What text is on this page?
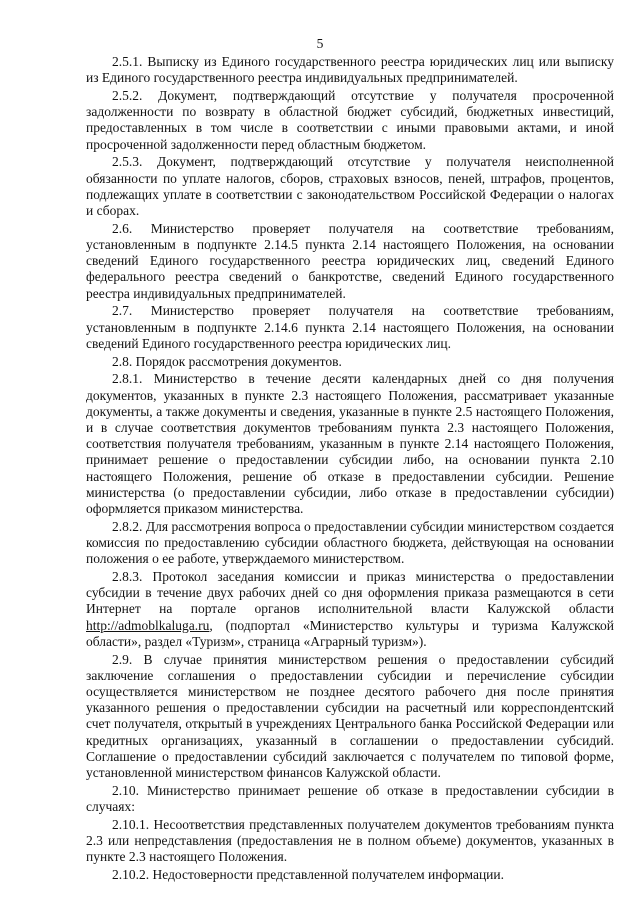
5

2.5.1. Выписку из Единого государственного реестра юридических лиц или выписку из Единого государственного реестра индивидуальных предпринимателей.

2.5.2. Документ, подтверждающий отсутствие у получателя просроченной задолженности по возврату в областной бюджет субсидий, бюджетных инвестиций, предоставленных в том числе в соответствии с иными правовыми актами, и иной просроченной задолженности перед областным бюджетом.

2.5.3. Документ, подтверждающий отсутствие у получателя неисполненной обязанности по уплате налогов, сборов, страховых взносов, пеней, штрафов, процентов, подлежащих уплате в соответствии с законодательством Российской Федерации о налогах и сборах.

2.6. Министерство проверяет получателя на соответствие требованиям, установленным в подпункте 2.14.5 пункта 2.14 настоящего Положения, на основании сведений Единого государственного реестра юридических лиц, сведений Единого федерального реестра сведений о банкротстве, сведений Единого государственного реестра индивидуальных предпринимателей.

2.7. Министерство проверяет получателя на соответствие требованиям, установленным в подпункте 2.14.6 пункта 2.14 настоящего Положения, на основании сведений Единого государственного реестра юридических лиц.

2.8. Порядок рассмотрения документов.

2.8.1. Министерство в течение десяти календарных дней со дня получения документов, указанных в пункте 2.3 настоящего Положения, рассматривает указанные документы, а также документы и сведения, указанные в пункте 2.5 настоящего Положения, и в случае соответствия документов требованиям пункта 2.3 настоящего Положения, соответствия получателя требованиям, указанным в пункте 2.14 настоящего Положения, принимает решение о предоставлении субсидии либо, на основании пункта 2.10 настоящего Положения, решение об отказе в предоставлении субсидии. Решение министерства (о предоставлении субсидии, либо отказе в предоставлении субсидии) оформляется приказом министерства.

2.8.2. Для рассмотрения вопроса о предоставлении субсидии министерством создается комиссия по предоставлению субсидии областного бюджета, действующая на основании положения о ее работе, утверждаемого министерством.

2.8.3. Протокол заседания комиссии и приказ министерства о предоставлении субсидии в течение двух рабочих дней со дня оформления приказа размещаются в сети Интернет на портале органов исполнительной власти Калужской области http://admoblkaluga.ru, (подпортал «Министерство культуры и туризма Калужской области», раздел «Туризм», страница «Аграрный туризм»).

2.9. В случае принятия министерством решения о предоставлении субсидий заключение соглашения о предоставлении субсидии и перечисление субсидии осуществляется министерством не позднее десятого рабочего дня после принятия указанного решения о предоставлении субсидии на расчетный или корреспондентский счет получателя, открытый в учреждениях Центрального банка Российской Федерации или кредитных организациях, указанный в соглашении о предоставлении субсидий. Соглашение о предоставлении субсидий заключается с получателем по типовой форме, установленной министерством финансов Калужской области.

2.10. Министерство принимает решение об отказе в предоставлении субсидии в случаях:

2.10.1. Несоответствия представленных получателем документов требованиям пункта 2.3 или непредставления (предоставления не в полном объеме) документов, указанных в пункте 2.3 настоящего Положения.

2.10.2. Недостоверности представленной получателем информации.
